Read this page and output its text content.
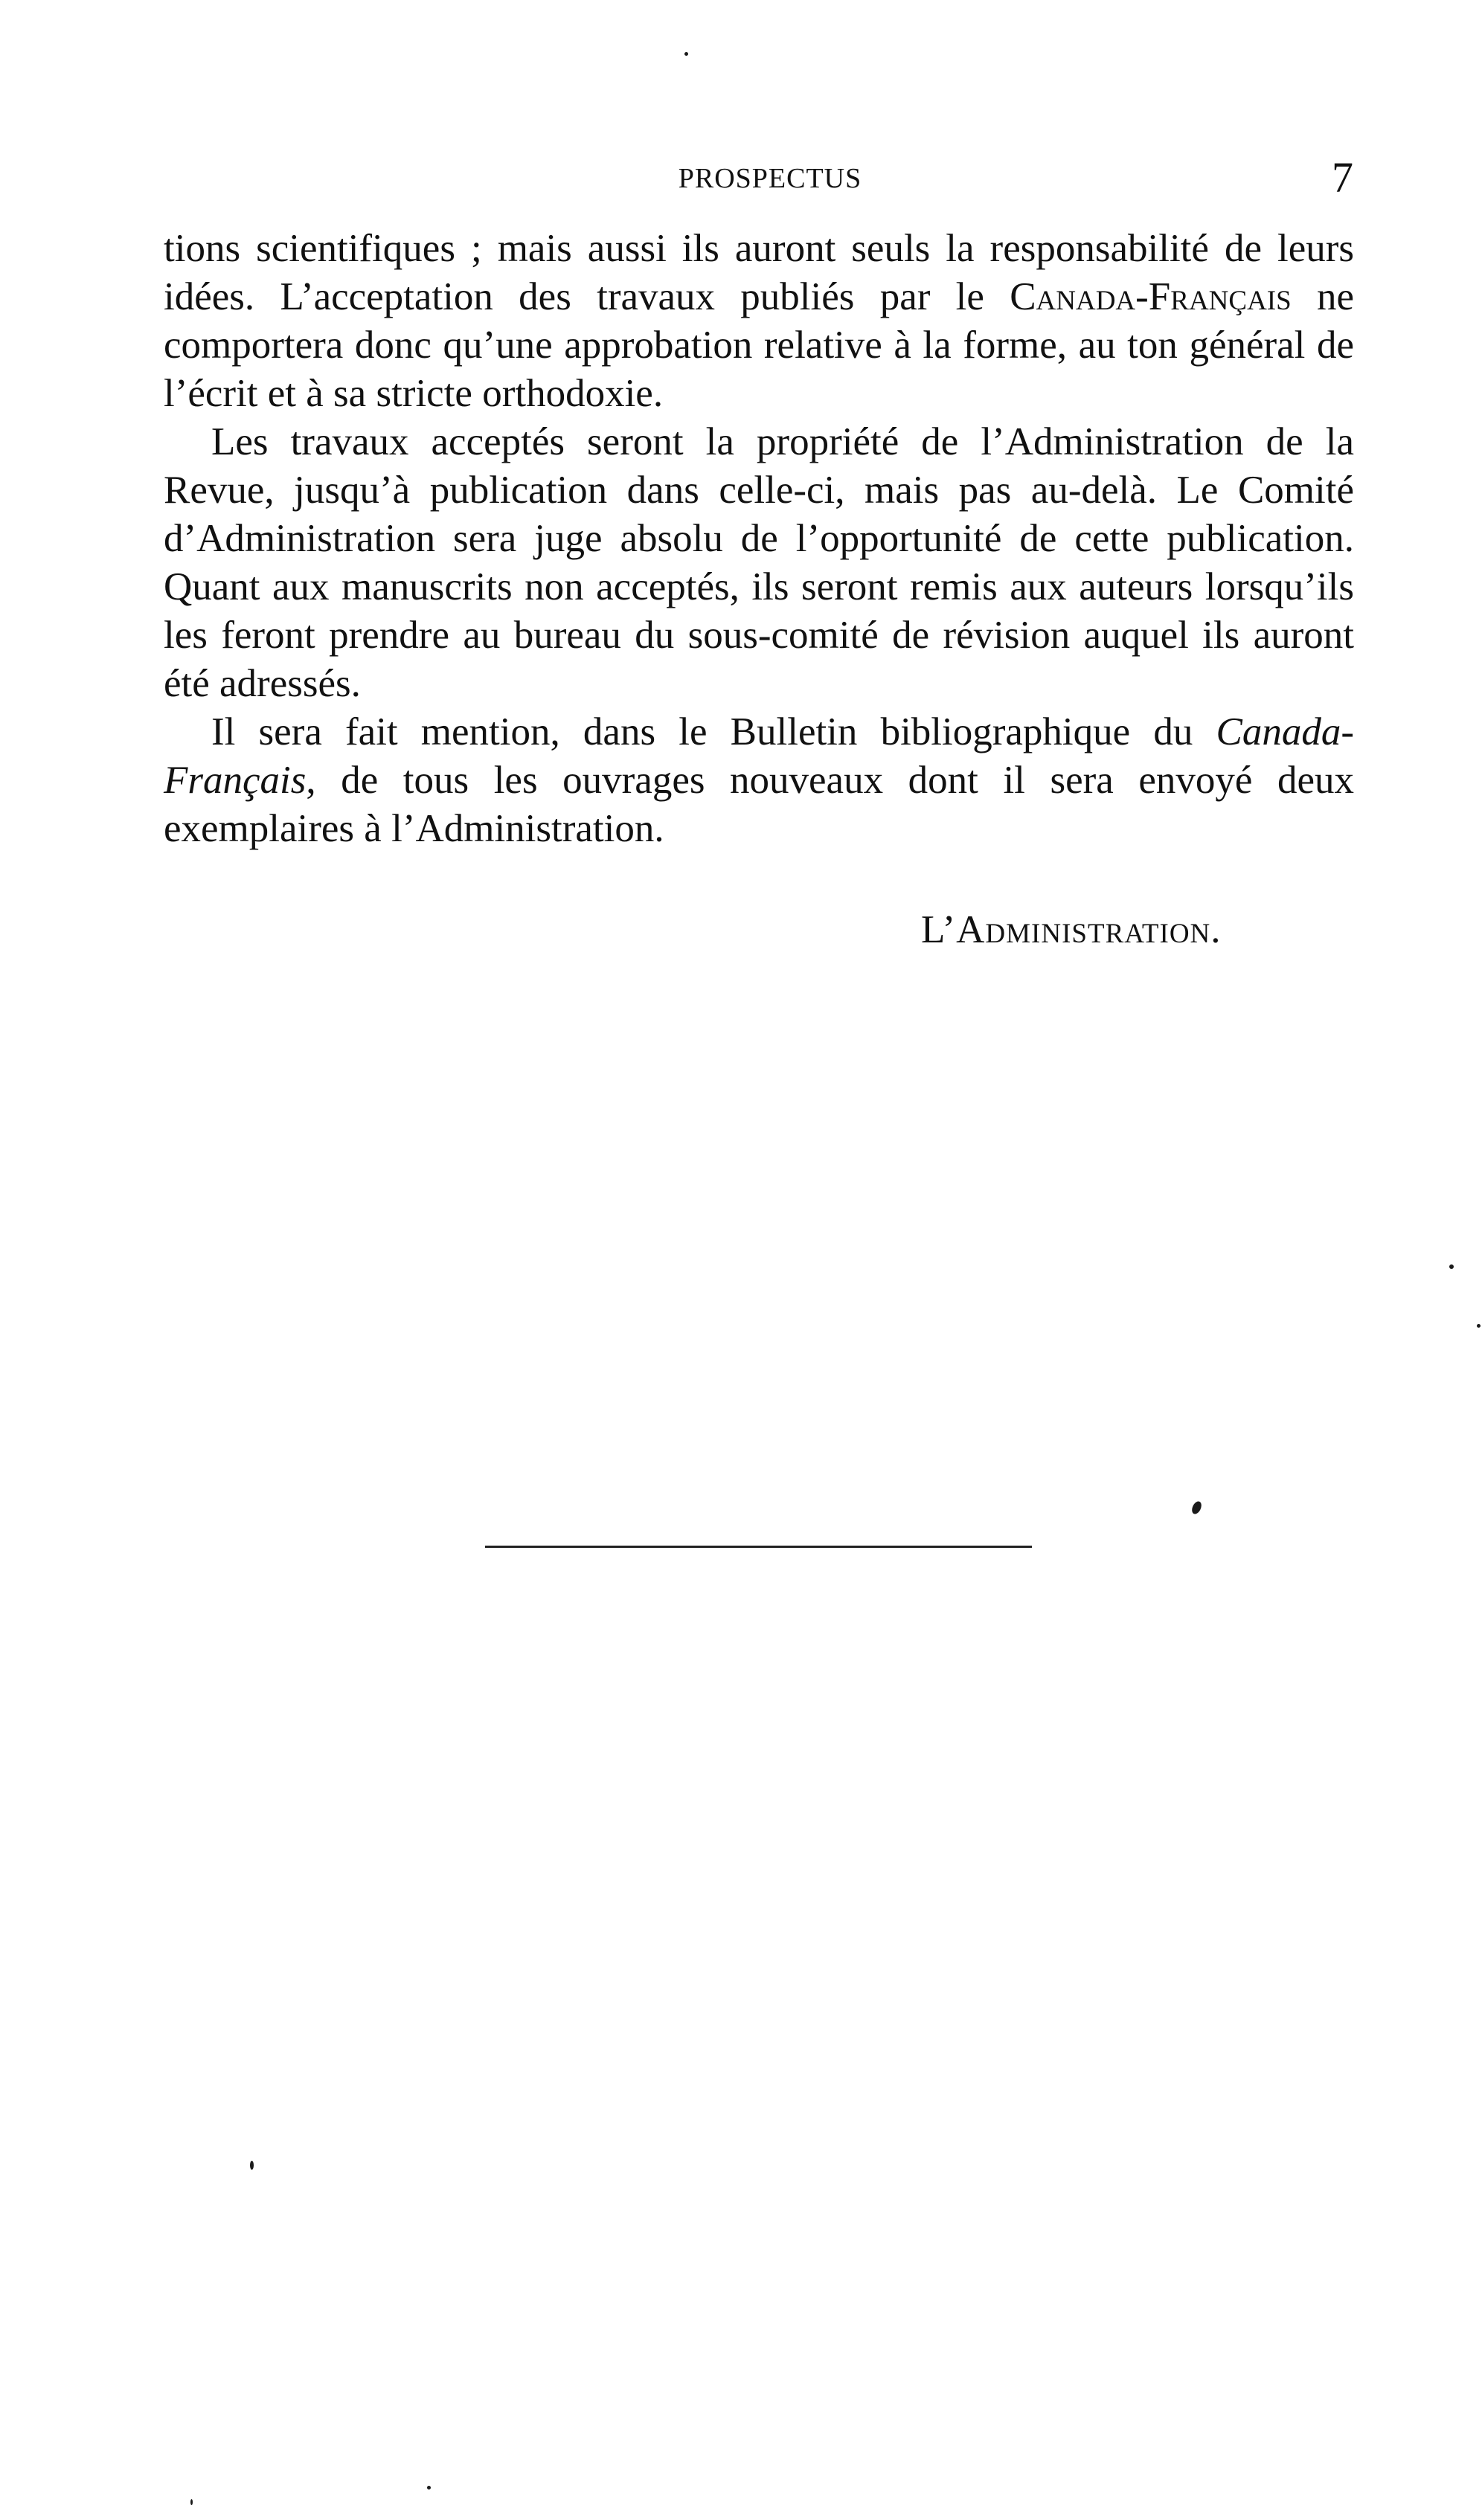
PROSPECTUS	7

tions scientifiques ; mais aussi ils auront seuls la responsabilité de leurs idées. L’acceptation des travaux publiés par le Canada-Français ne comportera donc qu’une approbation relative à la forme, au ton général de l’écrit et à sa stricte orthodoxie.

Les travaux acceptés seront la propriété de l’Administration de la Revue, jusqu’à publication dans celle-ci, mais pas au-delà. Le Comité d’Administration sera juge absolu de l’opportunité de cette publication. Quant aux manuscrits non acceptés, ils seront remis aux auteurs lorsqu’ils les feront prendre au bureau du sous-comité de révision auquel ils auront été adressés.

Il sera fait mention, dans le Bulletin bibliographique du Canada-Français, de tous les ouvrages nouveaux dont il sera envoyé deux exemplaires à l’Administration.

L’Administration.
